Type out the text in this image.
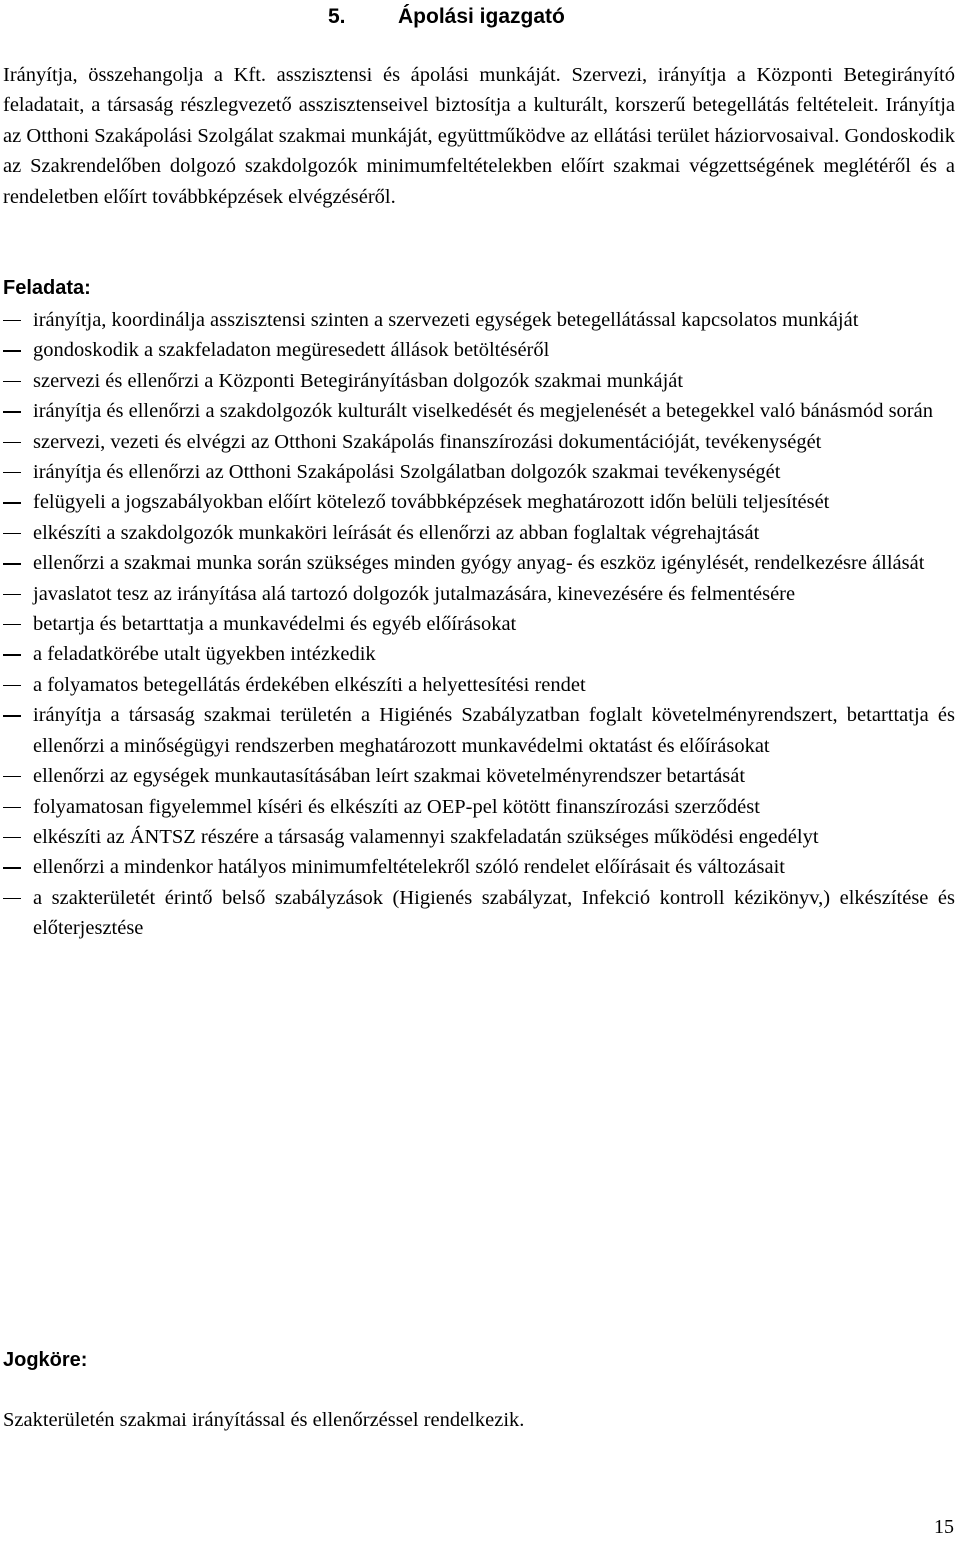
5. Ápolási igazgató

Irányítja, összehangolja a Kft. asszisztensi és ápolási munkáját. Szervezi, irányítja a Központi Betegirányító feladatait, a társaság részlegvezető asszisztenseivel biztosítja a kulturált, korszerű betegellátás feltételeit. Irányítja az Otthoni Szakápolási Szolgálat szakmai munkáját, együttműködve az ellátási terület háziorvosaival. Gondoskodik az Szakrendelőben dolgozó szakdolgozók minimumfeltételekben előírt szakmai végzettségének meglétéről és a rendeletben előírt továbbképzések elvégzéséről.

Feladata:
irányítja, koordinálja asszisztensi szinten a szervezeti egységek betegellátással kapcsolatos munkáját
gondoskodik a szakfeladaton megüresedett állások betöltéséről
szervezi és ellenőrzi a Központi Betegirányításban dolgozók szakmai munkáját
irányítja és ellenőrzi a szakdolgozók kulturált viselkedését és megjelenését a betegekkel való bánásmód során
szervezi, vezeti és elvégzi az Otthoni Szakápolás finanszírozási dokumentációját, tevékenységét
irányítja és ellenőrzi az Otthoni Szakápolási Szolgálatban dolgozók szakmai tevékenységét
felügyeli a jogszabályokban előírt kötelező továbbképzések meghatározott időn belüli teljesítését
elkészíti a szakdolgozók munkaköri leírását és ellenőrzi az abban foglaltak végrehajtását
ellenőrzi a szakmai munka során szükséges minden gyógy anyag- és eszköz igénylését, rendelkezésre állását
javaslatot tesz az irányítása alá tartozó dolgozók jutalmazására, kinevezésére és felmentésére
betartja és betarttatja a munkavédelmi és egyéb előírásokat
a feladatkörébe utalt ügyekben intézkedik
a folyamatos betegellátás érdekében elkészíti a helyettesítési rendet
irányítja a társaság szakmai területén a Higiénés Szabályzatban foglalt követelményrendszert, betarttatja és ellenőrzi a minőségügyi rendszerben meghatározott munkavédelmi oktatást és előírásokat
ellenőrzi az egységek munkautasításában leírt szakmai követelményrendszer betartását
folyamatosan figyelemmel kíséri és elkészíti az OEP-pel kötött finanszírozási szerződést
elkészíti az ÁNTSZ részére a társaság valamennyi szakfeladatán szükséges működési engedélyt
ellenőrzi a mindenkor hatályos minimumfeltételekről szóló rendelet előírásait és változásait
a szakterületét érintő belső szabályzások (Higienés szabályzat, Infekció kontroll kézikönyv,) elkészítése és előterjesztése
Jogköre:

Szakterületén szakmai irányítással és ellenőrzéssel rendelkezik.

15
